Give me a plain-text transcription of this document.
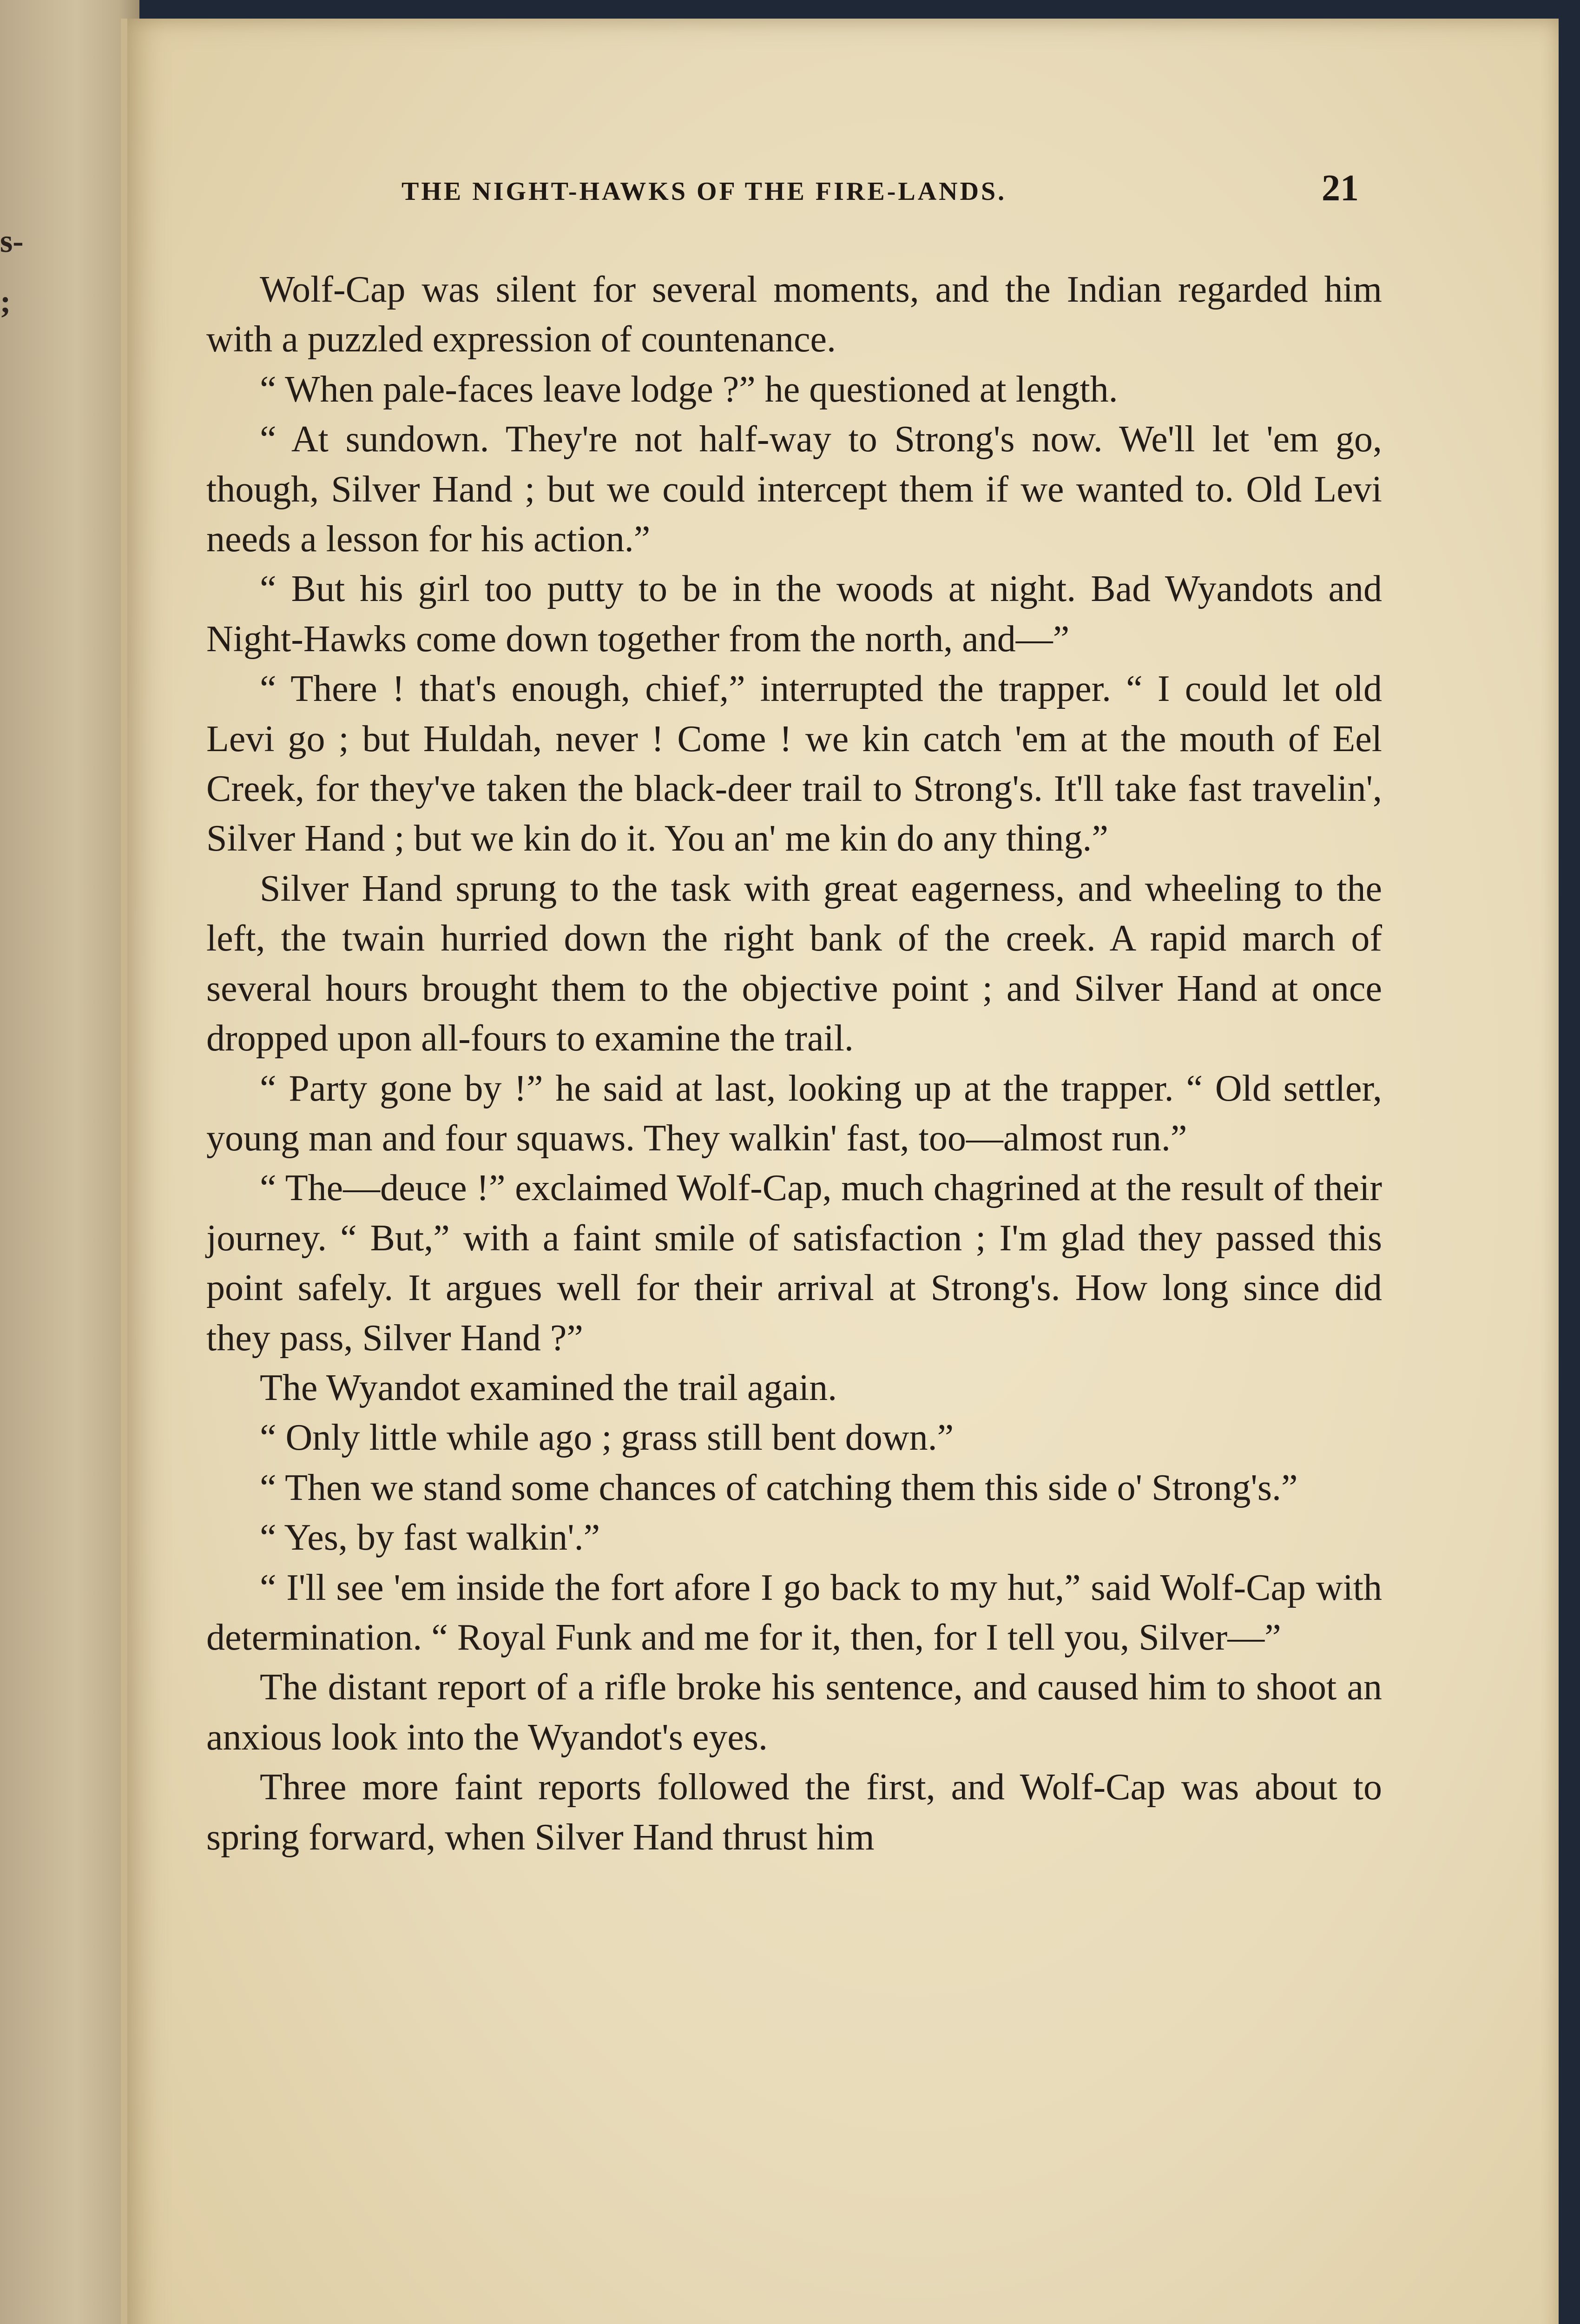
s-
;
THE NIGHT-HAWKS OF THE FIRE-LANDS.	21

Wolf-Cap was silent for several moments, and the Indian regarded him with a puzzled expression of countenance.

“ When pale-faces leave lodge ?” he questioned at length.

“ At sundown. They're not half-way to Strong's now. We'll let 'em go, though, Silver Hand ; but we could intercept them if we wanted to. Old Levi needs a lesson for his action.”

“ But his girl too putty to be in the woods at night. Bad Wyandots and Night-Hawks come down together from the north, and—”

“ There ! that's enough, chief,” interrupted the trapper. “ I could let old Levi go ; but Huldah, never ! Come ! we kin catch 'em at the mouth of Eel Creek, for they've taken the black-deer trail to Strong's. It'll take fast travelin', Silver Hand ; but we kin do it. You an' me kin do any thing.”

Silver Hand sprung to the task with great eagerness, and wheeling to the left, the twain hurried down the right bank of the creek. A rapid march of several hours brought them to the objective point ; and Silver Hand at once dropped upon all-fours to examine the trail.

“ Party gone by !” he said at last, looking up at the trapper. “ Old settler, young man and four squaws. They walkin' fast, too—almost run.”

“ The—deuce !” exclaimed Wolf-Cap, much chagrined at the result of their journey. “ But,” with a faint smile of satisfaction ; I'm glad they passed this point safely. It argues well for their arrival at Strong's. How long since did they pass, Silver Hand ?”

The Wyandot examined the trail again.

“ Only little while ago ; grass still bent down.”

“ Then we stand some chances of catching them this side o' Strong's.”

“ Yes, by fast walkin'.”

“ I'll see 'em inside the fort afore I go back to my hut,” said Wolf-Cap with determination. “ Royal Funk and me for it, then, for I tell you, Silver—”

The distant report of a rifle broke his sentence, and caused him to shoot an anxious look into the Wyandot's eyes.

Three more faint reports followed the first, and Wolf-Cap was about to spring forward, when Silver Hand thrust him
